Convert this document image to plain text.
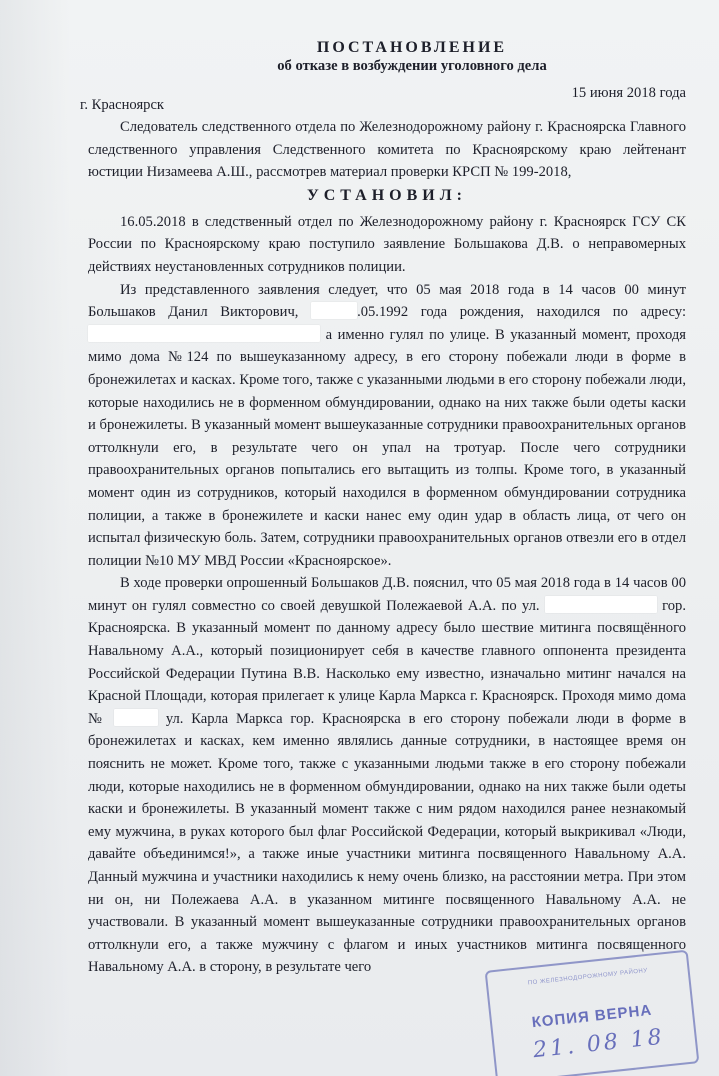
ПОСТАНОВЛЕНИЕ
об отказе в возбуждении уголовного дела
г. Красноярск
15 июня 2018 года

Следователь следственного отдела по Железнодорожному району г. Красноярска Главного следственного управления Следственного комитета по Красноярскому краю лейтенант юстиции Низамеева А.Ш., рассмотрев материал проверки КРСП № 199-2018,

УСТАНОВИЛ:

16.05.2018 в следственный отдел по Железнодорожному району г. Красноярск ГСУ СК России по Красноярскому краю поступило заявление Большакова Д.В. о неправомерных действиях неустановленных сотрудников полиции.

Из представленного заявления следует, что 05 мая 2018 года в 14 часов 00 минут Большаков Данил Викторович,	.05.1992 года рождения, находился по адресу:  а именно гулял по улице. В указанный момент, проходя мимо дома №124 по вышеуказанному адресу, в его сторону побежали люди в форме в бронежилетах и касках. Кроме того, также с указанными людьми в его сторону побежали люди, которые находились не в форменном обмундировании, однако на них также были одеты каски и бронежилеты. В указанный момент вышеуказанные сотрудники правоохранительных органов оттолкнули его, в результате чего он упал на тротуар. После чего сотрудники правоохранительных органов попытались его вытащить из толпы. Кроме того, в указанный момент один из сотрудников, который находился в форменном обмундировании сотрудника полиции, а также в бронежилете и каски нанес ему один удар в область лица, от чего он испытал физическую боль. Затем, сотрудники правоохранительных органов отвезли его в отдел полиции №10 МУ МВД России «Красноярское».

В ходе проверки опрошенный Большаков Д.В. пояснил, что 05 мая 2018 года в 14 часов 00 минут он гулял совместно со своей девушкой Полежаевой А.А. по ул.	гор. Красноярска. В указанный момент по данному адресу было шествие митинга посвящённого Навальному А.А., который позиционирует себя в качестве главного оппонента президента Российской Федерации Путина В.В. Насколько ему известно, изначально митинг начался на Красной Площади, которая прилегает к улице Карла Маркса г. Красноярск. Проходя мимо дома №	ул. Карла Маркса гор. Красноярска в его сторону побежали люди в форме в бронежилетах и касках, кем именно являлись данные сотрудники, в настоящее время он пояснить не может. Кроме того, также с указанными людьми также в его сторону побежали люди, которые находились не в форменном обмундировании, однако на них также были одеты каски и бронежилеты. В указанный момент также с ним рядом находился ранее незнакомый ему мужчина, в руках которого был флаг Российской Федерации, который выкрикивал «Люди, давайте объединимся!», а также иные участники митинга посвященного Навальному А.А. Данный мужчина и участники находились к нему очень близко, на расстоянии метра. При этом ни он, ни Полежаева А.А. в указанном митинге посвященного Навальному А.А. не участвовали. В указанный момент вышеуказанные сотрудники правоохранительных органов оттолкнули его, а также мужчину с флагом и иных участников митинга посвященного Навальному А.А. в сторону, в результате чего

ПО ЖЕЛЕЗНОДОРОЖНОМУ РАЙОНУ
КОПИЯ ВЕРНА
21. 08 18
